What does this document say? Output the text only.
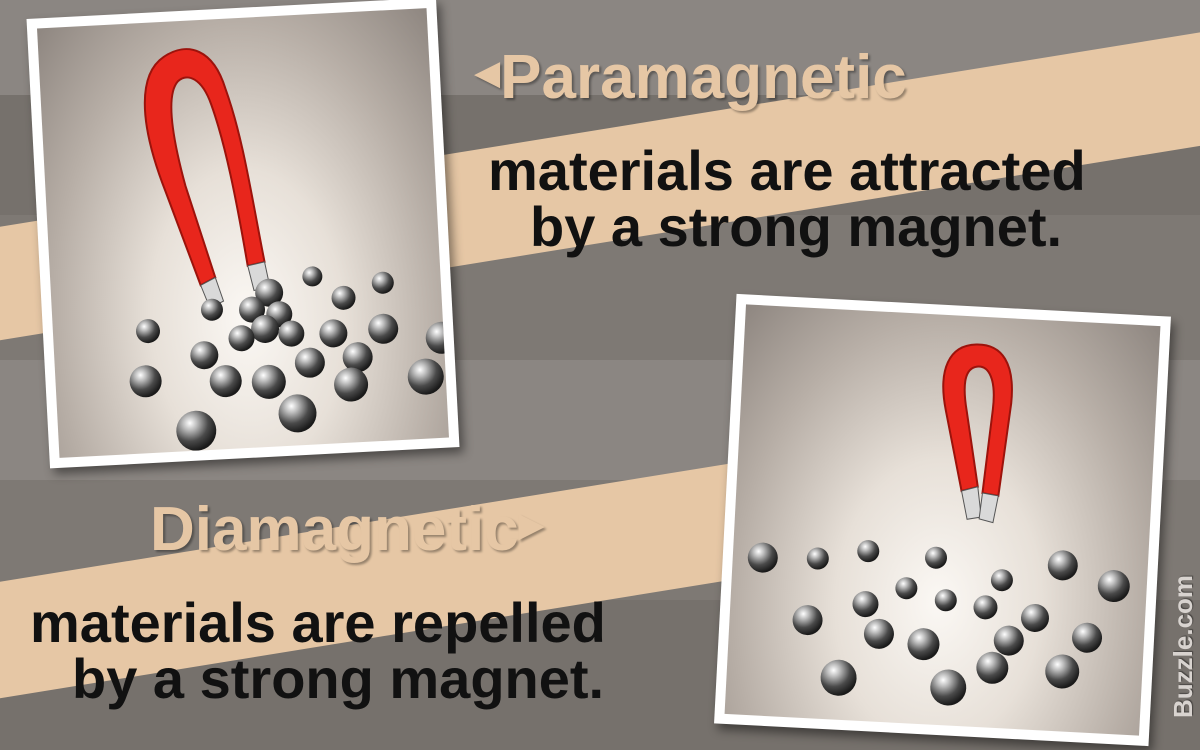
◀Paramagnetic
materials are attracted
by a strong magnet.
Diamagnetic▶
materials are repelled
by a strong magnet.	Buzzle.com
